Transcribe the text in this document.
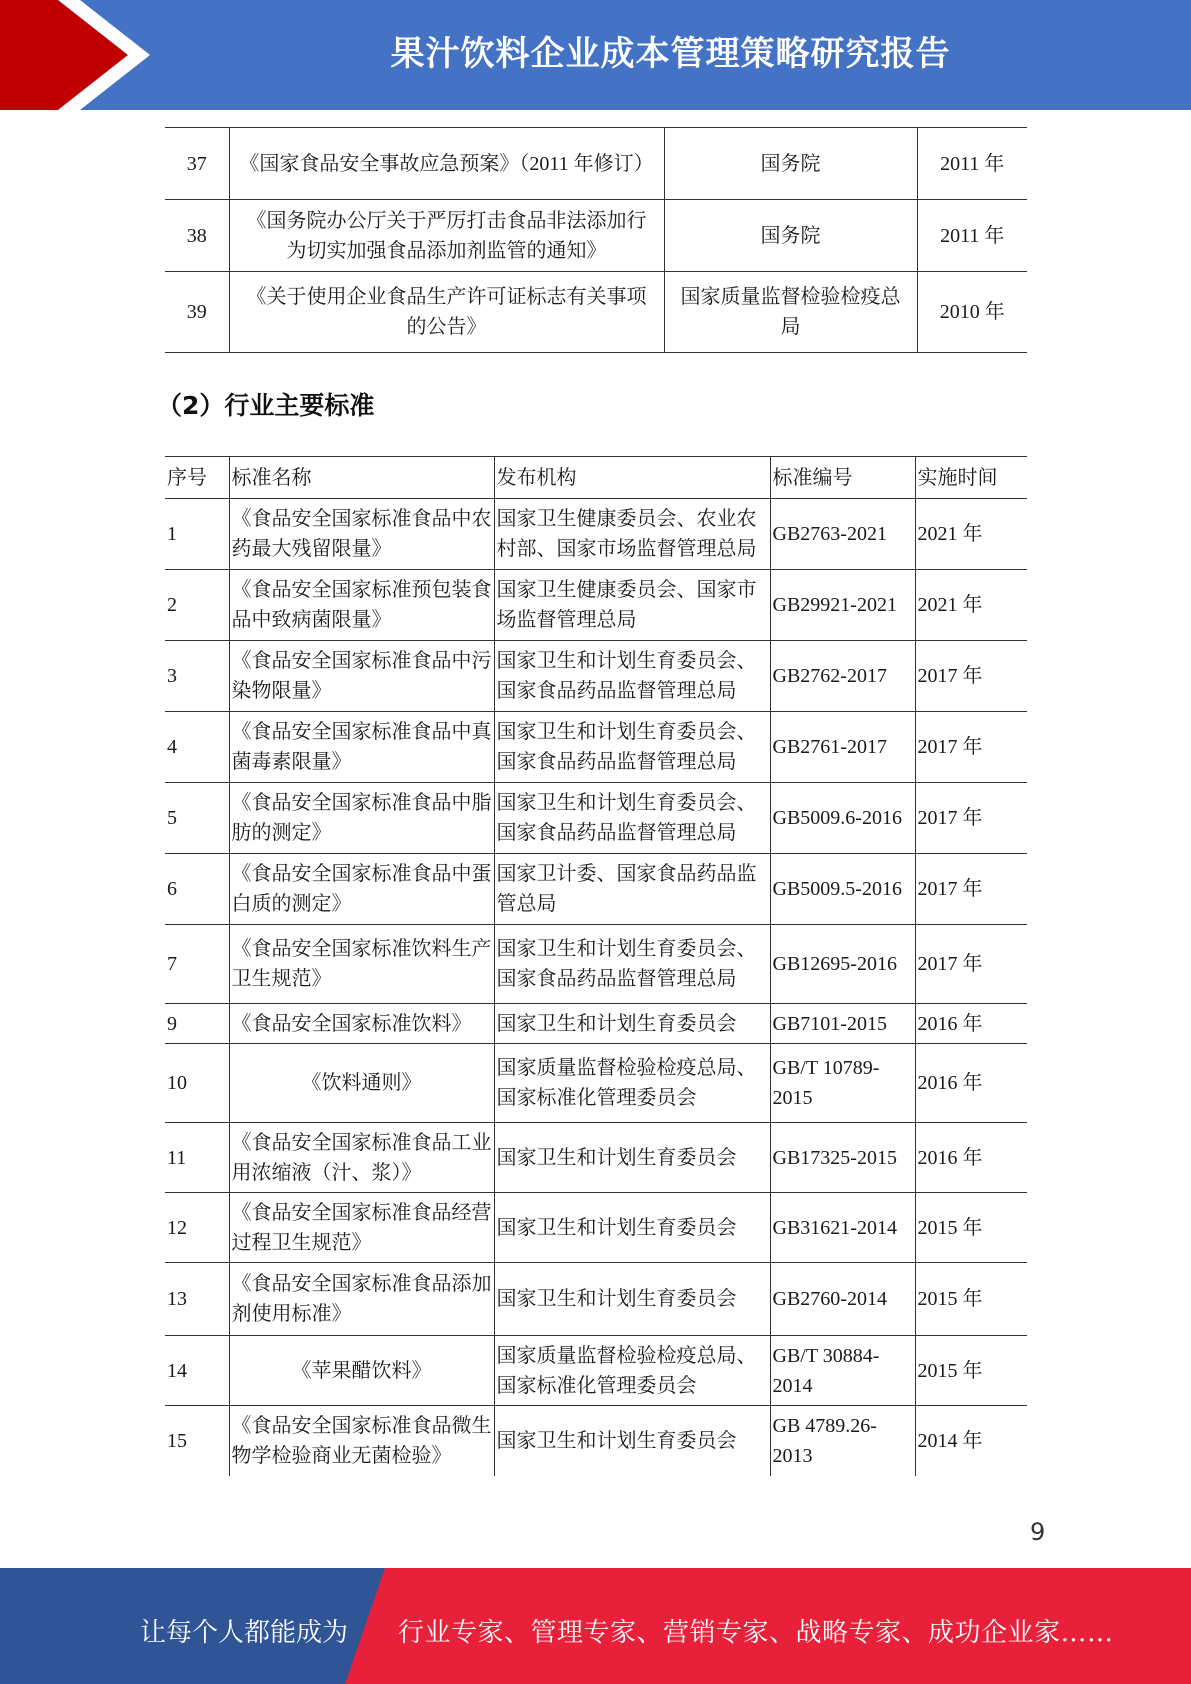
果汁饮料企业成本管理策略研究报告
37	《国家食品安全事故应急预案》（2011 年修订）	国务院	2011 年
38	《国务院办公厅关于严厉打击食品非法添加行为切实加强食品添加剂监管的通知》	国务院	2011 年
39	《关于使用企业食品生产许可证标志有关事项的公告》	国家质量监督检验检疫总局	2010 年
（2）行业主要标准
序号	标准名称	发布机构	标准编号	实施时间
1	《食品安全国家标准食品中农药最大残留限量》	国家卫生健康委员会、农业农村部、国家市场监督管理总局	GB2763-2021	2021 年
2	《食品安全国家标准预包装食品中致病菌限量》	国家卫生健康委员会、国家市场监督管理总局	GB29921-2021	2021 年
3	《食品安全国家标准食品中污染物限量》	国家卫生和计划生育委员会、国家食品药品监督管理总局	GB2762-2017	2017 年
4	《食品安全国家标准食品中真菌毒素限量》	国家卫生和计划生育委员会、国家食品药品监督管理总局	GB2761-2017	2017 年
5	《食品安全国家标准食品中脂肪的测定》	国家卫生和计划生育委员会、国家食品药品监督管理总局	GB5009.6-2016	2017 年
6	《食品安全国家标准食品中蛋白质的测定》	国家卫计委、国家食品药品监管总局	GB5009.5-2016	2017 年
7	《食品安全国家标准饮料生产卫生规范》	国家卫生和计划生育委员会、国家食品药品监督管理总局	GB12695-2016	2017 年
9	《食品安全国家标准饮料》	国家卫生和计划生育委员会	GB7101-2015	2016 年
10	《饮料通则》	国家质量监督检验检疫总局、国家标准化管理委员会	GB/T 10789-2015	2016 年
11	《食品安全国家标准食品工业用浓缩液（汁、浆）》	国家卫生和计划生育委员会	GB17325-2015	2016 年
12	《食品安全国家标准食品经营过程卫生规范》	国家卫生和计划生育委员会	GB31621-2014	2015 年
13	《食品安全国家标准食品添加剂使用标准》	国家卫生和计划生育委员会	GB2760-2014	2015 年
14	《苹果醋饮料》	国家质量监督检验检疫总局、国家标准化管理委员会	GB/T 30884-2014	2015 年
15	《食品安全国家标准食品微生物学检验商业无菌检验》	国家卫生和计划生育委员会	GB 4789.26-2013	2014 年
9
让每个人都能成为 行业专家、管理专家、营销专家、战略专家、成功企业家……
